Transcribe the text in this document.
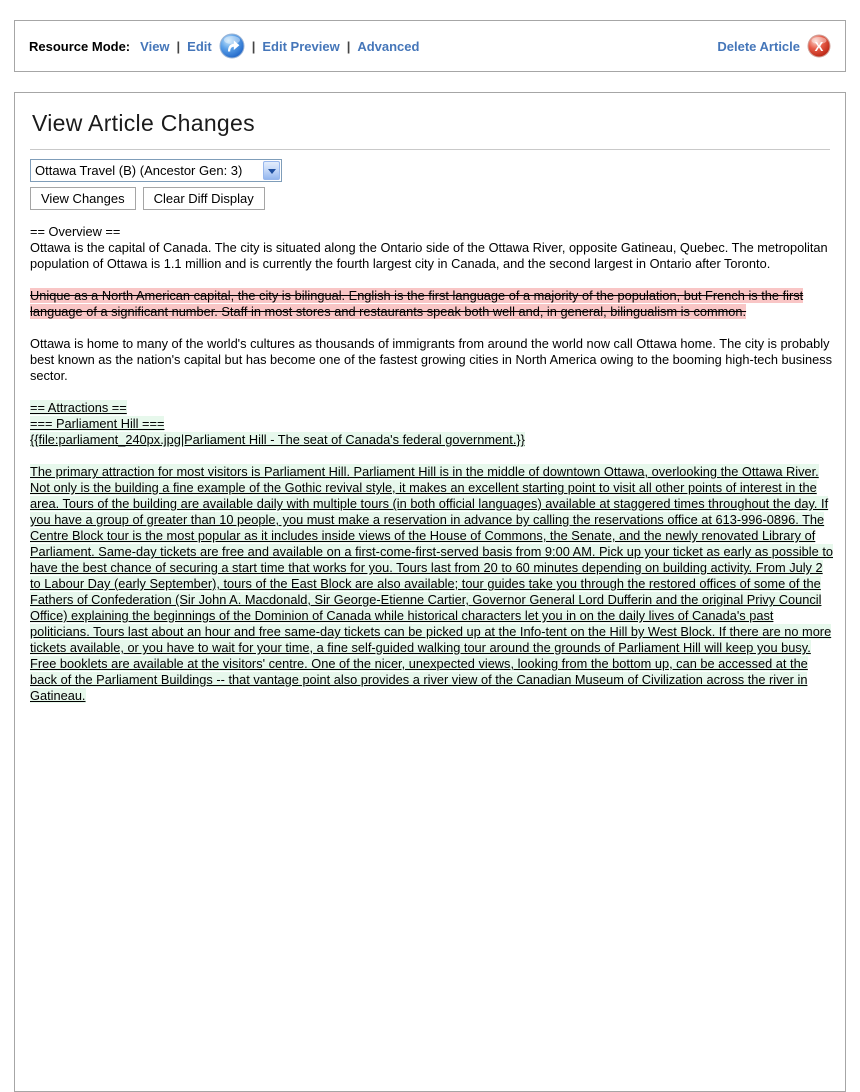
Resource Mode: View | Edit	| Edit Preview | Advanced	Delete Article X
View Article Changes
Ottawa Travel (B) (Ancestor Gen: 3)
View Changes	Clear Diff Display
== Overview ==
Ottawa is the capital of Canada. The city is situated along the Ontario side of the Ottawa River, opposite Gatineau, Quebec. The metropolitan population of Ottawa is 1.1 million and is currently the fourth largest city in Canada, and the second largest in Ontario after Toronto.
Unique as a North American capital, the city is bilingual. English is the first language of a majority of the population, but French is the first language of a significant number. Staff in most stores and restaurants speak both well and, in general, bilingualism is common.
Ottawa is home to many of the world's cultures as thousands of immigrants from around the world now call Ottawa home. The city is probably best known as the nation's capital but has become one of the fastest growing cities in North America owing to the booming high-tech business sector.
== Attractions ==
=== Parliament Hill ===
{{file:parliament_240px.jpg|Parliament Hill - The seat of Canada's federal government.}}
The primary attraction for most visitors is Parliament Hill. Parliament Hill is in the middle of downtown Ottawa, overlooking the Ottawa River. Not only is the building a fine example of the Gothic revival style, it makes an excellent starting point to visit all other points of interest in the area. Tours of the building are available daily with multiple tours (in both official languages) available at staggered times throughout the day. If you have a group of greater than 10 people, you must make a reservation in advance by calling the reservations office at 613-996-0896. The Centre Block tour is the most popular as it includes inside views of the House of Commons, the Senate, and the newly renovated Library of Parliament. Same-day tickets are free and available on a first-come-first-served basis from 9:00 AM. Pick up your ticket as early as possible to have the best chance of securing a start time that works for you. Tours last from 20 to 60 minutes depending on building activity. From July 2 to Labour Day (early September), tours of the East Block are also available; tour guides take you through the restored offices of some of the Fathers of Confederation (Sir John A. Macdonald, Sir George-Etienne Cartier, Governor General Lord Dufferin and the original Privy Council Office) explaining the beginnings of the Dominion of Canada while historical characters let you in on the daily lives of Canada's past politicians. Tours last about an hour and free same-day tickets can be picked up at the Info-tent on the Hill by West Block. If there are no more tickets available, or you have to wait for your time, a fine self-guided walking tour around the grounds of Parliament Hill will keep you busy. Free booklets are available at the visitors' centre. One of the nicer, unexpected views, looking from the bottom up, can be accessed at the back of the Parliament Buildings -- that vantage point also provides a river view of the Canadian Museum of Civilization across the river in Gatineau.
